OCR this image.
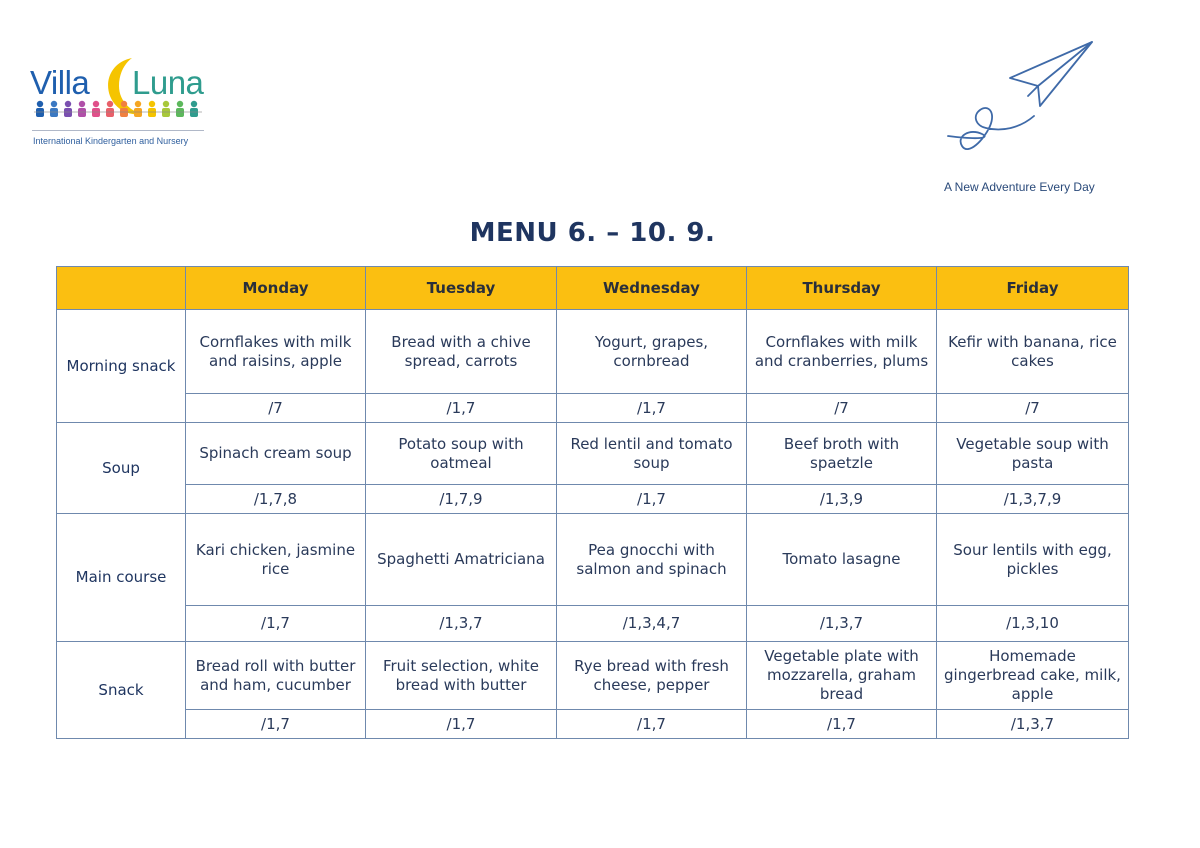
Villa Luna
International Kindergarten and Nursery
A New Adventure Every Day
MENU 6. – 10. 9.
	Monday	Tuesday	Wednesday	Thursday	Friday
Morning snack	Cornflakes with milk and raisins, apple	Bread with a chive spread, carrots	Yogurt, grapes, cornbread	Cornflakes with milk and cranberries, plums	Kefir with banana, rice cakes
	/7	/1,7	/1,7	/7	/7
Soup	Spinach cream soup	Potato soup with oatmeal	Red lentil and tomato soup	Beef broth with spaetzle	Vegetable soup with pasta
	/1,7,8	/1,7,9	/1,7	/1,3,9	/1,3,7,9
Main course	Kari chicken, jasmine rice	Spaghetti Amatriciana	Pea gnocchi with salmon and spinach	Tomato lasagne	Sour lentils with egg, pickles
	/1,7	/1,3,7	/1,3,4,7	/1,3,7	/1,3,10
Snack	Bread roll with butter and ham, cucumber	Fruit selection, white bread with butter	Rye bread with fresh cheese, pepper	Vegetable plate with mozzarella, graham bread	Homemade gingerbread cake, milk, apple
	/1,7	/1,7	/1,7	/1,7	/1,3,7
